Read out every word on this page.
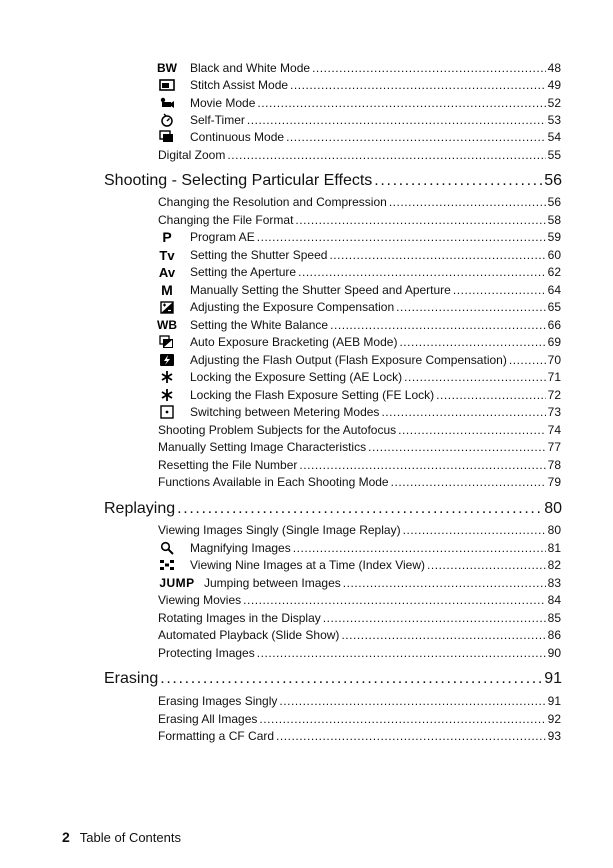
BW Black and White Mode . . .	48
Stitch Assist Mode . . .	49
Movie Mode . . .	52
Self-Timer . . .	53
Continuous Mode . . .	54
Digital Zoom . . .	55
Shooting - Selecting Particular Effects . . .	56
Changing the Resolution and Compression . . .	56
Changing the File Format . . .	58
P Program AE . . .	59
Tv Setting the Shutter Speed . . .	60
Av Setting the Aperture . . .	62
M Manually Setting the Shutter Speed and Aperture . . .	64
Adjusting the Exposure Compensation . . .	65
WB Setting the White Balance . . .	66
Auto Exposure Bracketing (AEB Mode) . . .	69
Adjusting the Flash Output (Flash Exposure Compensation) . . .	70
Locking the Exposure Setting (AE Lock) . . .	71
Locking the Flash Exposure Setting (FE Lock) . . .	72
Switching between Metering Modes . . .	73
Shooting Problem Subjects for the Autofocus . . .	74
Manually Setting Image Characteristics . . .	77
Resetting the File Number . . .	78
Functions Available in Each Shooting Mode . . .	79
Replaying . . .	80
Viewing Images Singly (Single Image Replay) . . .	80
Magnifying Images . . .	81
Viewing Nine Images at a Time (Index View) . . .	82
JUMP Jumping between Images . . .	83
Viewing Movies . . .	84
Rotating Images in the Display . . .	85
Automated Playback (Slide Show) . . .	86
Protecting Images . . .	90
Erasing . . .	91
Erasing Images Singly . . .	91
Erasing All Images . . .	92
Formatting a CF Card . . .	93
2 Table of Contents
